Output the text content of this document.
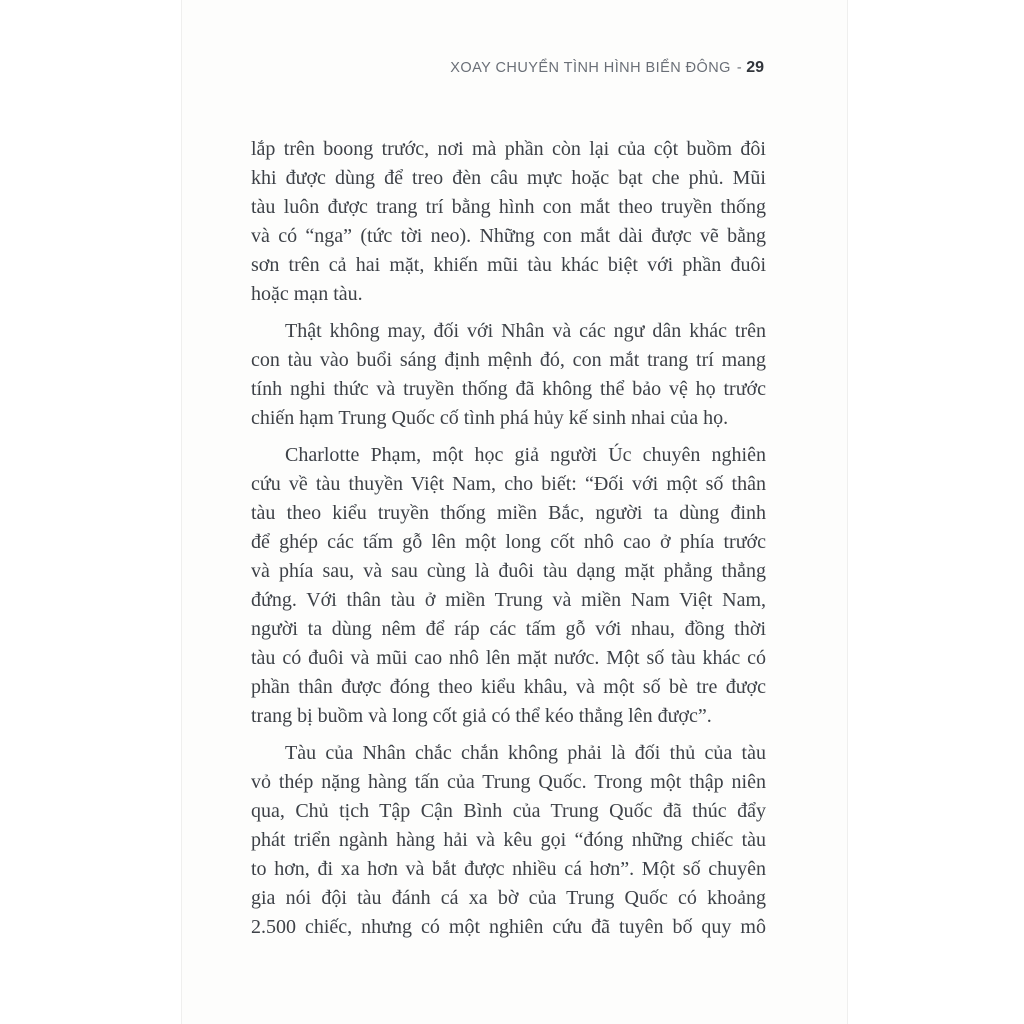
XOAY CHUYỂN TÌNH HÌNH BIỂN ĐÔNG - 29
lắp trên boong trước, nơi mà phần còn lại của cột buồm đôi
khi được dùng để treo đèn câu mực hoặc bạt che phủ. Mũi
tàu luôn được trang trí bằng hình con mắt theo truyền thống
và có “nga” (tức tời neo). Những con mắt dài được vẽ bằng
sơn trên cả hai mặt, khiến mũi tàu khác biệt với phần đuôi
hoặc mạn tàu.
Thật không may, đối với Nhân và các ngư dân khác trên
con tàu vào buổi sáng định mệnh đó, con mắt trang trí mang
tính nghi thức và truyền thống đã không thể bảo vệ họ trước
chiến hạm Trung Quốc cố tình phá hủy kế sinh nhai của họ.
Charlotte Phạm, một học giả người Úc chuyên nghiên
cứu về tàu thuyền Việt Nam, cho biết: “Đối với một số thân
tàu theo kiểu truyền thống miền Bắc, người ta dùng đinh
để ghép các tấm gỗ lên một long cốt nhô cao ở phía trước
và phía sau, và sau cùng là đuôi tàu dạng mặt phẳng thẳng
đứng. Với thân tàu ở miền Trung và miền Nam Việt Nam,
người ta dùng nêm để ráp các tấm gỗ với nhau, đồng thời
tàu có đuôi và mũi cao nhô lên mặt nước. Một số tàu khác có
phần thân được đóng theo kiểu khâu, và một số bè tre được
trang bị buồm và long cốt giả có thể kéo thẳng lên được”.
Tàu của Nhân chắc chắn không phải là đối thủ của tàu
vỏ thép nặng hàng tấn của Trung Quốc. Trong một thập niên
qua, Chủ tịch Tập Cận Bình của Trung Quốc đã thúc đẩy
phát triển ngành hàng hải và kêu gọi “đóng những chiếc tàu
to hơn, đi xa hơn và bắt được nhiều cá hơn”. Một số chuyên
gia nói đội tàu đánh cá xa bờ của Trung Quốc có khoảng
2.500 chiếc, nhưng có một nghiên cứu đã tuyên bố quy mô
